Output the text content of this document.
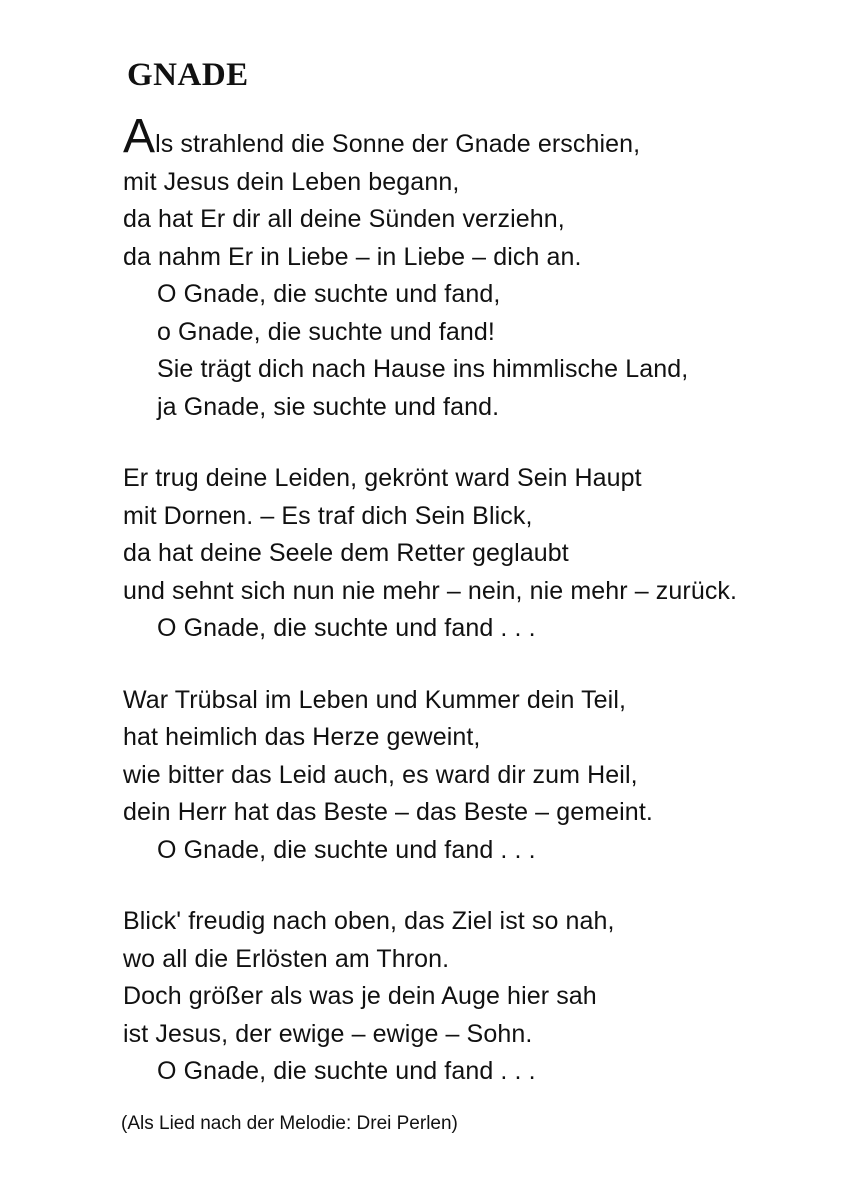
GNADE
Als strahlend die Sonne der Gnade erschien,
mit Jesus dein Leben begann,
da hat Er dir all deine Sünden verziehn,
da nahm Er in Liebe – in Liebe – dich an.
O Gnade, die suchte und fand,
o Gnade, die suchte und fand!
Sie trägt dich nach Hause ins himmlische Land,
ja Gnade, sie suchte und fand.
Er trug deine Leiden, gekrönt ward Sein Haupt
mit Dornen. – Es traf dich Sein Blick,
da hat deine Seele dem Retter geglaubt
und sehnt sich nun nie mehr – nein, nie mehr – zurück.
O Gnade, die suchte und fand . . .
War Trübsal im Leben und Kummer dein Teil,
hat heimlich das Herze geweint,
wie bitter das Leid auch, es ward dir zum Heil,
dein Herr hat das Beste – das Beste – gemeint.
O Gnade, die suchte und fand . . .
Blick' freudig nach oben, das Ziel ist so nah,
wo all die Erlösten am Thron.
Doch größer als was je dein Auge hier sah
ist Jesus, der ewige – ewige – Sohn.
O Gnade, die suchte und fand . . .
(Als Lied nach der Melodie: Drei Perlen)
